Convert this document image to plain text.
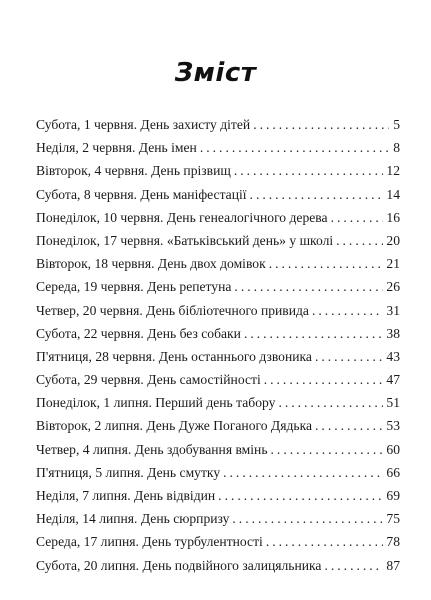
Зміст
Субота, 1 червня. День захисту дітей .....	5
Неділя, 2 червня. День імен .....	8
Вівторок, 4 червня. День прізвищ .....	12
Субота, 8 червня. День маніфестації .....	14
Понеділок, 10 червня. День генеалогічного дерева .....	16
Понеділок, 17 червня. «Батьківський день» у школі .....	20
Вівторок, 18 червня. День двох домівок .....	21
Середа, 19 червня. День репетуна .....	26
Четвер, 20 червня. День бібліотечного привида .....	31
Субота, 22 червня. День без собаки .....	38
П'ятниця, 28 червня. День останнього дзвоника .....	43
Субота, 29 червня. День самостійності .....	47
Понеділок, 1 липня. Перший день табору .....	51
Вівторок, 2 липня. День Дуже Поганого Дядька .....	53
Четвер, 4 липня. День здобування вмінь .....	60
П'ятниця, 5 липня. День смутку .....	66
Неділя, 7 липня. День відвідин .....	69
Неділя, 14 липня. День сюрпризу .....	75
Середа, 17 липня. День турбулентності .....	78
Субота, 20 липня. День подвійного залицяльника .....	87
